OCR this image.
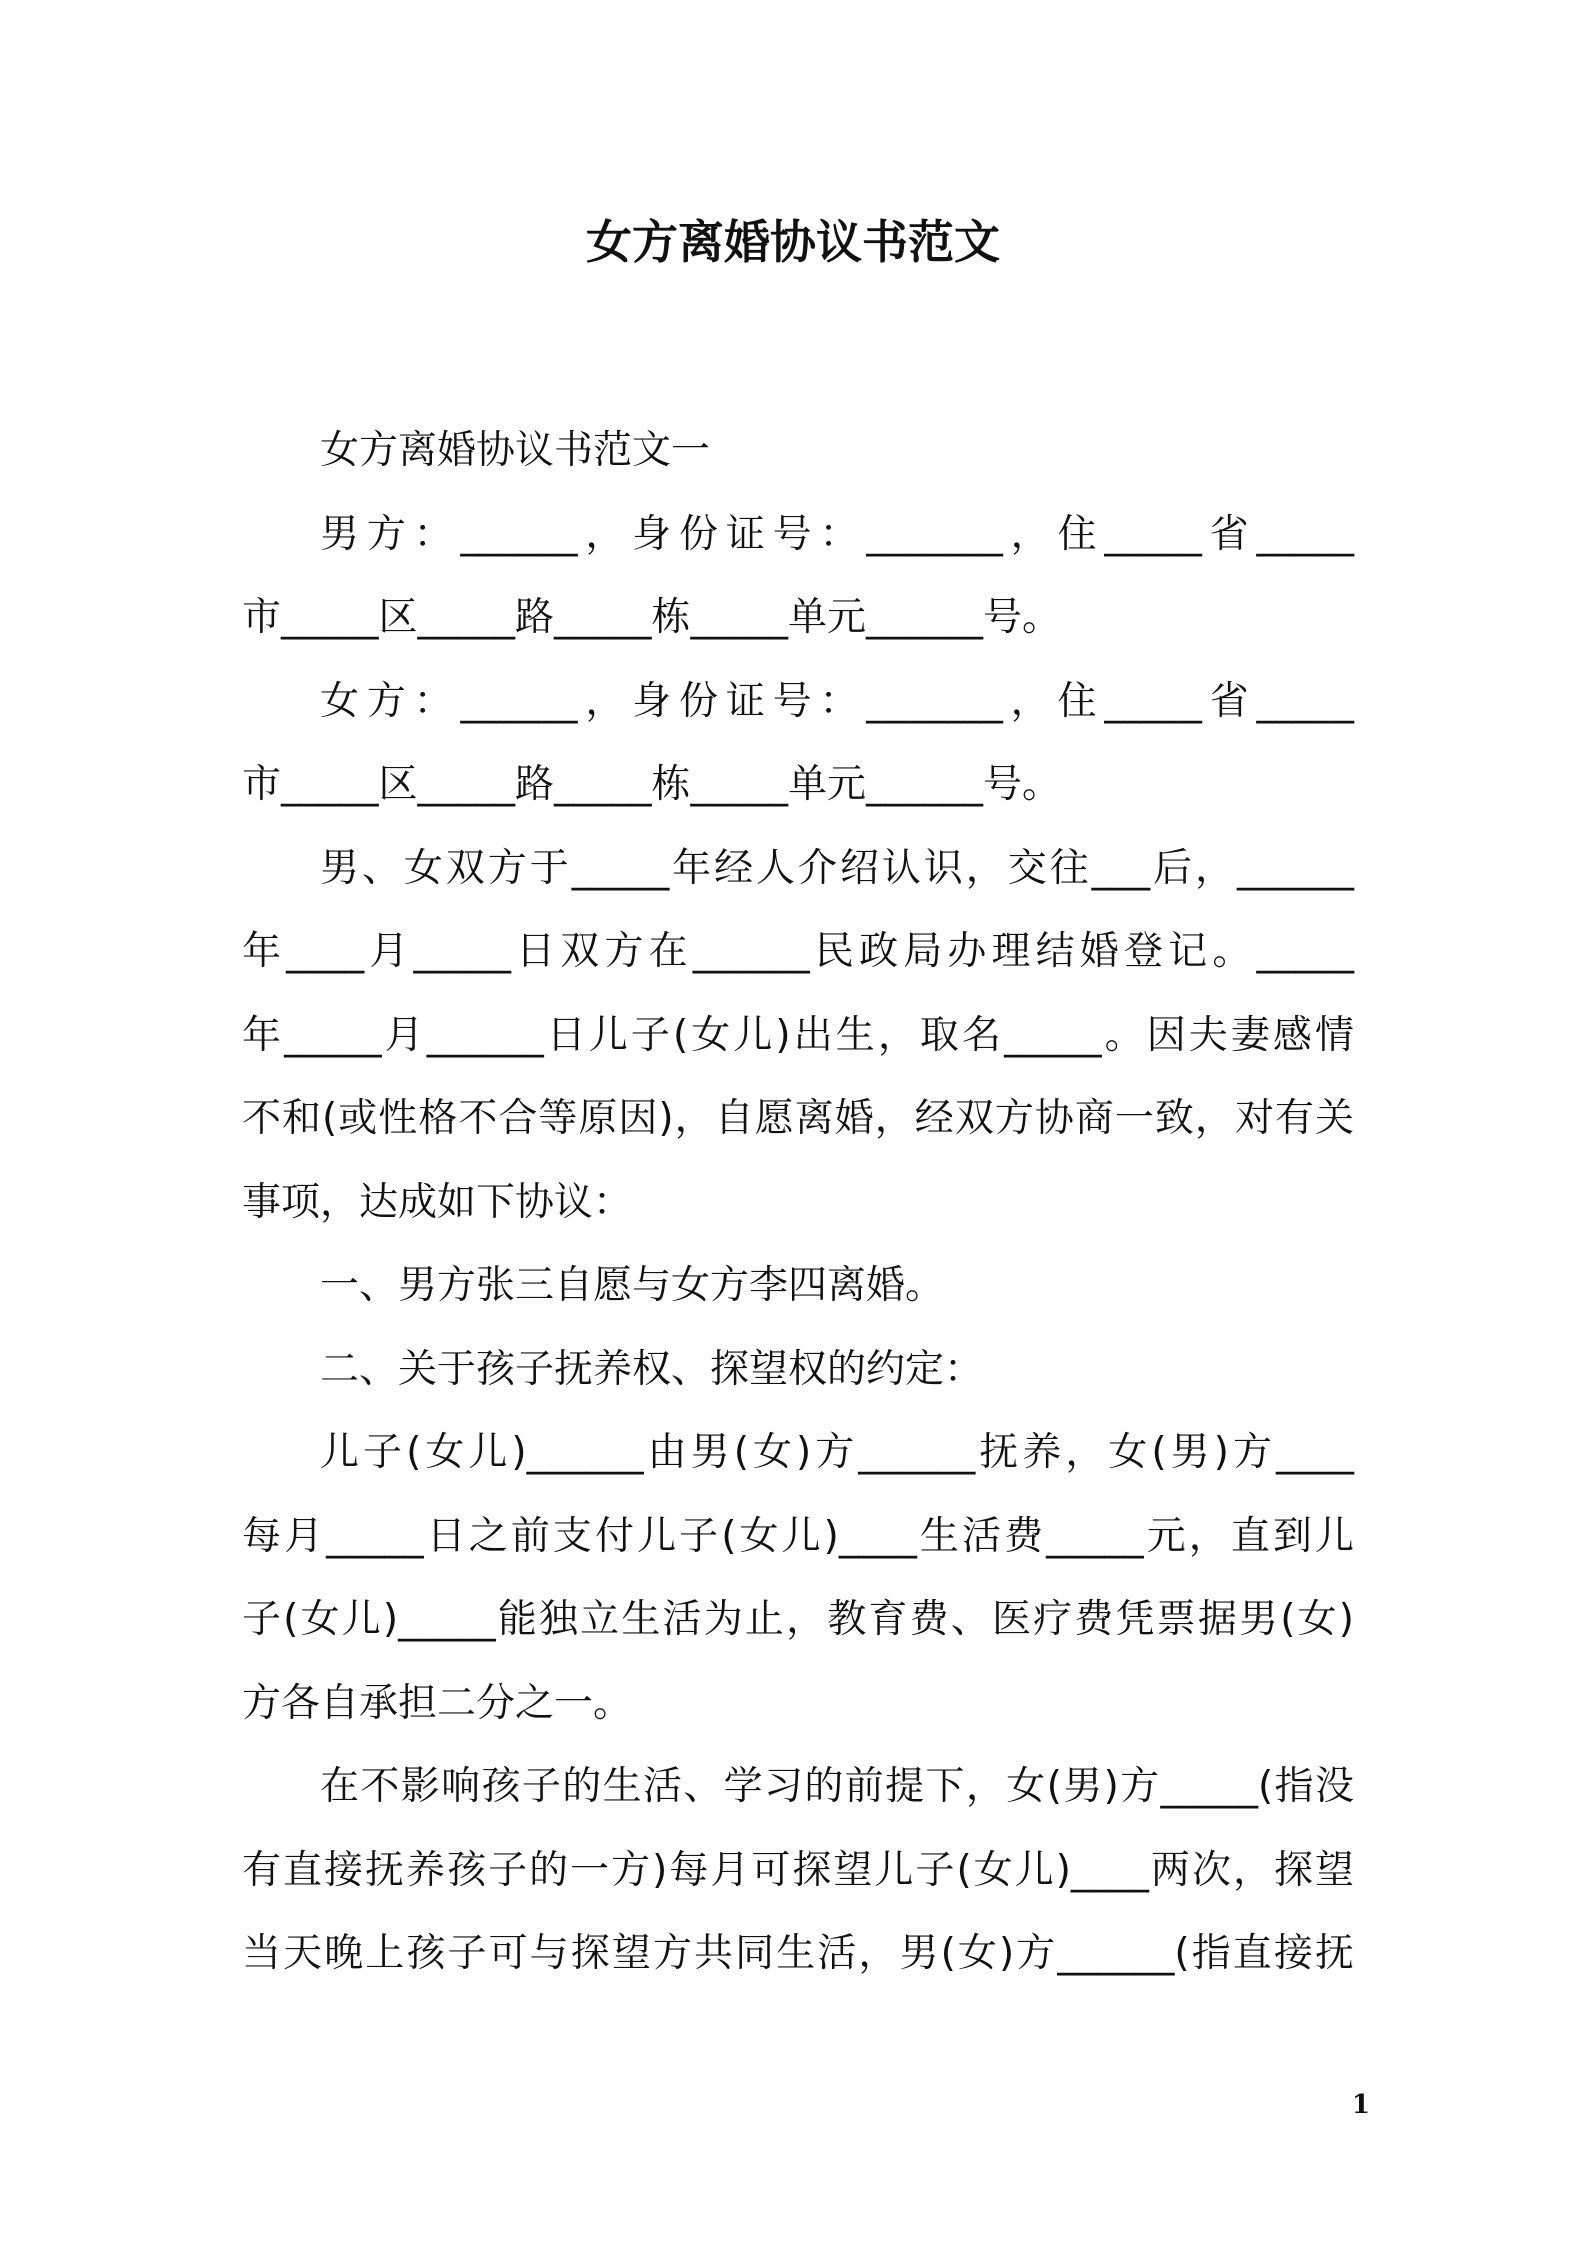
女方离婚协议书范文

女方离婚协议书范文一

男方：______，身份证号：_______，住_____省_____
市_____区_____路_____栋_____单元______号。

女方：______，身份证号：_______，住_____省_____
市_____区_____路_____栋_____单元______号。

男、女双方于_____年经人介绍认识，交往___后，______
年____月_____日双方在______民政局办理结婚登记。_____
年_____月______日儿子(女儿)出生，取名_____。因夫妻感情
不和(或性格不合等原因)，自愿离婚，经双方协商一致，对有关
事项，达成如下协议：

一、男方张三自愿与女方李四离婚。

二、关于孩子抚养权、探望权的约定：

儿子(女儿)______由男(女)方______抚养，女(男)方____
每月_____日之前支付儿子(女儿)____生活费_____元，直到儿
子(女儿)_____能独立生活为止，教育费、医疗费凭票据男(女)
方各自承担二分之一。

在不影响孩子的生活、学习的前提下，女(男)方_____(指没
有直接抚养孩子的一方)每月可探望儿子(女儿)____两次，探望
当天晚上孩子可与探望方共同生活，男(女)方______(指直接抚

1
